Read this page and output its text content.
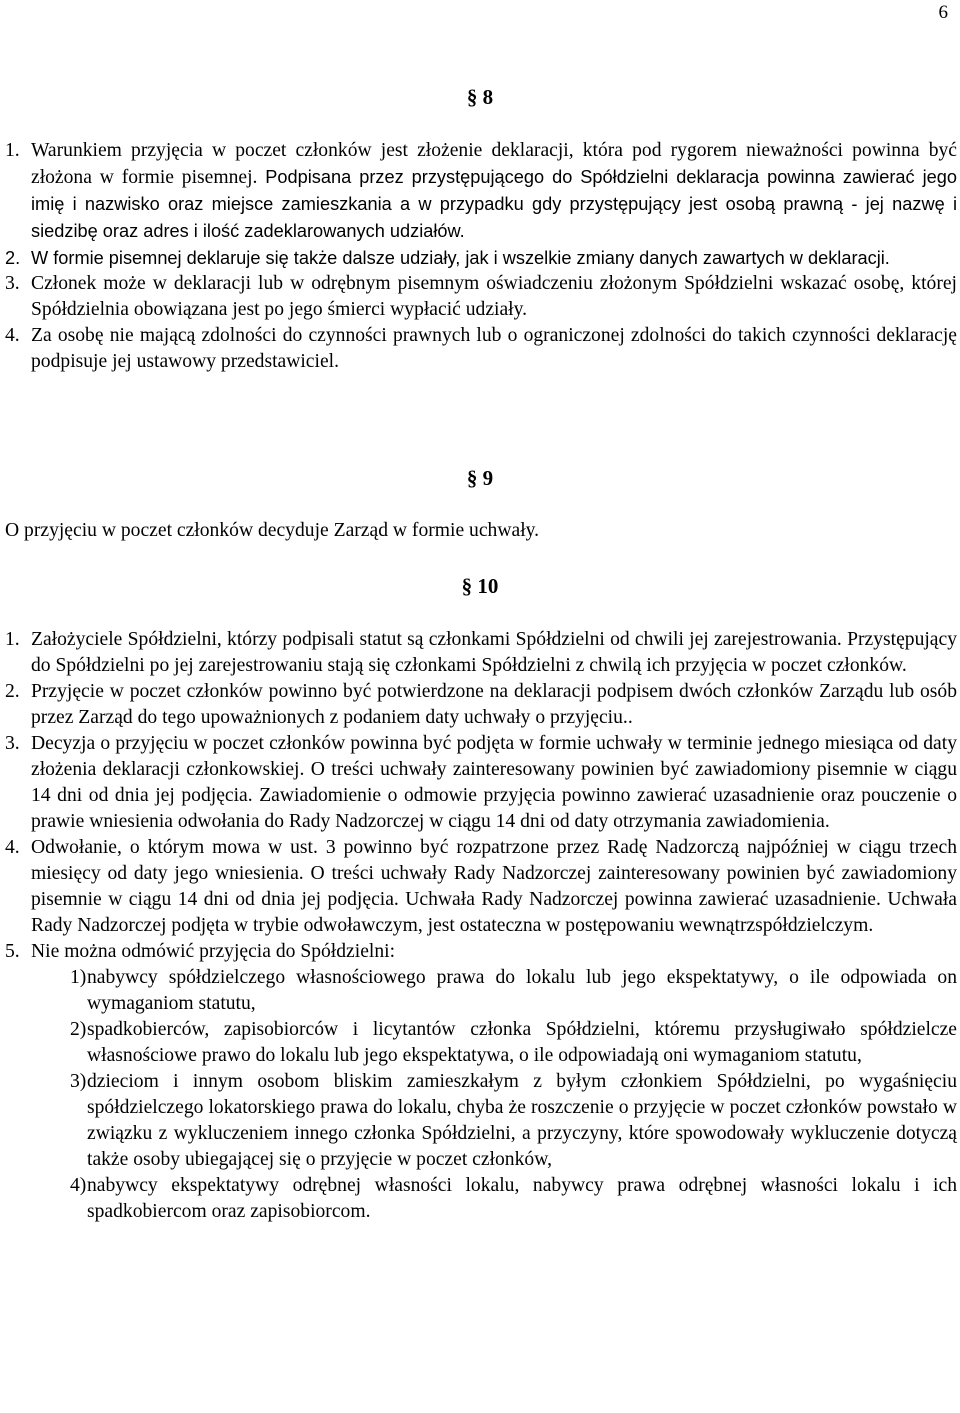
6
§ 8

1. Warunkiem przyjęcia w poczet członków jest złożenie deklaracji, która pod rygorem nieważności powinna być złożona w formie pisemnej. Podpisana przez przystępującego do Spółdzielni deklaracja powinna zawierać jego imię i nazwisko oraz miejsce zamieszkania a w przypadku gdy przystępujący jest osobą prawną - jej nazwę i siedzibę oraz adres i ilość zadeklarowanych udziałów.

2. W formie pisemnej deklaruje się także dalsze udziały, jak i wszelkie zmiany danych zawartych w deklaracji.

3. Członek może w deklaracji lub w odrębnym pisemnym oświadczeniu złożonym Spółdzielni wskazać osobę, której Spółdzielnia obowiązana jest po jego śmierci wypłacić udziały.

4. Za osobę nie mającą zdolności do czynności prawnych lub o ograniczonej zdolności do takich czynności deklarację podpisuje jej ustawowy przedstawiciel.

§ 9
O przyjęciu w poczet członków decyduje Zarząd w formie uchwały.
§ 10

1. Założyciele Spółdzielni, którzy podpisali statut są członkami Spółdzielni od chwili jej zarejestrowania. Przystępujący do Spółdzielni po jej zarejestrowaniu stają się członkami Spółdzielni z chwilą ich przyjęcia w poczet członków.

2. Przyjęcie w poczet członków powinno być potwierdzone na deklaracji podpisem dwóch członków Zarządu lub osób przez Zarząd do tego upoważnionych z podaniem daty uchwały o przyjęciu..

3. Decyzja o przyjęciu w poczet członków powinna być podjęta w formie uchwały w terminie jednego miesiąca od daty złożenia deklaracji członkowskiej. O treści uchwały zainteresowany powinien być zawiadomiony pisemnie w ciągu 14 dni od dnia jej podjęcia. Zawiadomienie o odmowie przyjęcia powinno zawierać uzasadnienie oraz pouczenie o prawie wniesienia odwołania do Rady Nadzorczej w ciągu 14 dni od daty otrzymania zawiadomienia.

4. Odwołanie, o którym mowa w ust. 3 powinno być rozpatrzone przez Radę Nadzorczą najpóźniej w ciągu trzech miesięcy od daty jego wniesienia. O treści uchwały Rady Nadzorczej zainteresowany powinien być zawiadomiony pisemnie w ciągu 14 dni od dnia jej podjęcia. Uchwała Rady Nadzorczej powinna zawierać uzasadnienie. Uchwała Rady Nadzorczej podjęta w trybie odwoławczym, jest ostateczna w postępowaniu wewnątrzspółdzielczym.

5. Nie można odmówić przyjęcia do Spółdzielni:

1) nabywcy spółdzielczego własnościowego prawa do lokalu lub jego ekspektatywy, o ile odpowiada on wymaganiom statutu,

2) spadkobierców, zapisobiorców i licytantów członka Spółdzielni, któremu przysługiwało spółdzielcze własnościowe prawo do lokalu lub jego ekspektatywa, o ile odpowiadają oni wymaganiom statutu,

3) dzieciom i innym osobom bliskim zamieszkałym z byłym członkiem Spółdzielni, po wygaśnięciu spółdzielczego lokatorskiego prawa do lokalu, chyba że roszczenie o przyjęcie w poczet członków powstało w związku z wykluczeniem innego członka Spółdzielni, a przyczyny, które spowodowały wykluczenie dotyczą także osoby ubiegającej się o przyjęcie w poczet członków,

4) nabywcy ekspektatywy odrębnej własności lokalu, nabywcy prawa odrębnej własności lokalu i ich spadkobiercom oraz zapisobiorcom.
